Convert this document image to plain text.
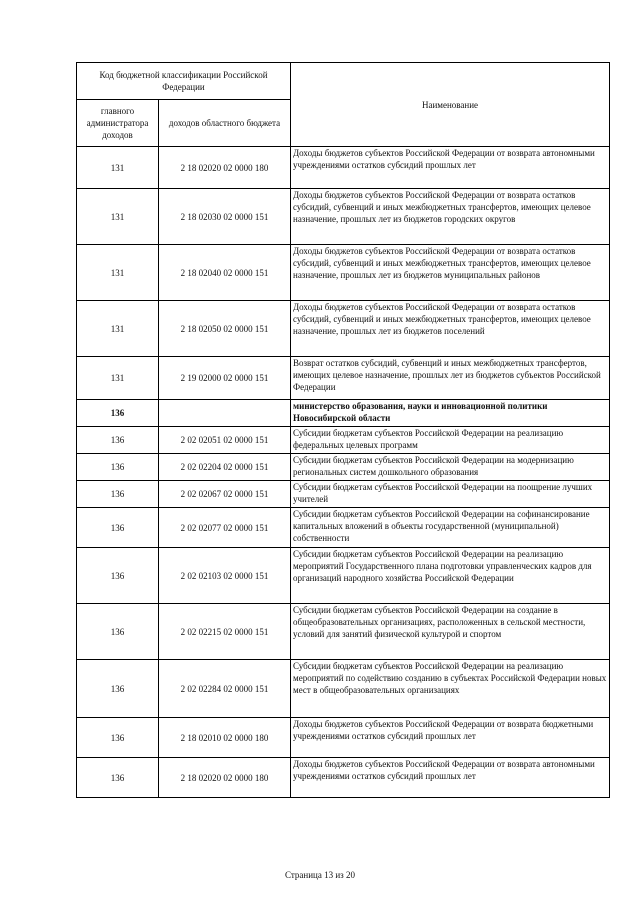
Код бюджетной классификации Российской Федерации		Наименование
главного администратора доходов	доходов областного бюджета	
131	2 18 02020 02 0000 180	Доходы бюджетов субъектов Российской Федерации от возврата автономными учреждениями остатков субсидий прошлых лет
131	2 18 02030 02 0000 151	Доходы бюджетов субъектов Российской Федерации от возврата остатков субсидий, субвенций и иных межбюджетных трансфертов, имеющих целевое назначение, прошлых лет из бюджетов городских округов
131	2 18 02040 02 0000 151	Доходы бюджетов субъектов Российской Федерации от возврата остатков субсидий, субвенций и иных межбюджетных трансфертов, имеющих целевое назначение, прошлых лет из бюджетов муниципальных районов
131	2 18 02050 02 0000 151	Доходы бюджетов субъектов Российской Федерации от возврата остатков субсидий, субвенций и иных межбюджетных трансфертов, имеющих целевое назначение, прошлых лет из бюджетов поселений
131	2 19 02000 02 0000 151	Возврат остатков субсидий, субвенций и иных межбюджетных трансфертов, имеющих целевое назначение, прошлых лет из бюджетов субъектов Российской Федерации
136		министерство образования, науки и инновационной политики Новосибирской области
136	2 02 02051 02 0000 151	Субсидии бюджетам субъектов Российской Федерации на реализацию федеральных целевых программ
136	2 02 02204 02 0000 151	Субсидии бюджетам субъектов Российской Федерации на модернизацию региональных систем дошкольного образования
136	2 02 02067 02 0000 151	Субсидии бюджетам субъектов Российской Федерации на поощрение лучших учителей
136	2 02 02077 02 0000 151	Субсидии бюджетам субъектов Российской Федерации на софинансирование капитальных вложений в объекты государственной (муниципальной) собственности
136	2 02 02103 02 0000 151	Субсидии бюджетам субъектов Российской Федерации на реализацию мероприятий Государственного плана подготовки управленческих кадров для организаций народного хозяйства Российской Федерации
136	2 02 02215 02 0000 151	Субсидии бюджетам субъектов Российской Федерации на создание в общеобразовательных организациях, расположенных в сельской местности, условий для занятий физической культурой и спортом
136	2 02 02284 02 0000 151	Субсидии бюджетам субъектов Российской Федерации на реализацию мероприятий по содействию созданию в субъектах Российской Федерации новых мест в общеобразовательных организациях
136	2 18 02010 02 0000 180	Доходы бюджетов субъектов Российской Федерации от возврата бюджетными учреждениями остатков субсидий прошлых лет
136	2 18 02020 02 0000 180	Доходы бюджетов субъектов Российской Федерации от возврата автономными учреждениями остатков субсидий прошлых лет
Страница 13 из 20
